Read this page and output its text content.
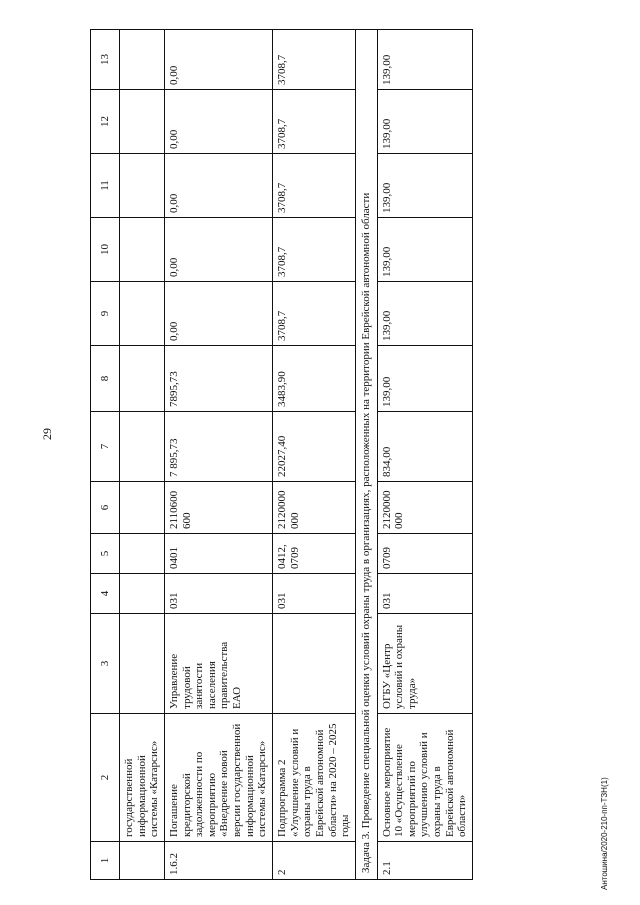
29
Антошина/2020-210-пп-ТЗН(1)
1	2	3	4	5	6	7	8	9	10	11	12	13
	государственной информационной системы «Катарсис»											
1.6.2	Погашение кредиторской задолженности по мероприятию «Внедрение новой версии государственной информационной системы «Катарсис»	Управление трудовой занятости населения правительства ЕАО	031	0401	2110600 600	7 895,73	7895,73	0,00	0,00	0,00	0,00	0,00
2	Подпрограмма 2 «Улучшение условий и охраны труда в Еврейской автономной области» на 2020 – 2025 годы		031	0412, 0709	2120000 000	22027,40	3483,90	3708,7	3708,7	3708,7	3708,7	3708,7
Задача 3. Проведение специальной оценки условий охраны труда в организациях, расположенных на территории Еврейской автономной области												
2.1	Основное мероприятие 10 «Осуществление мероприятий по улучшению условий и охраны труда в Еврейской автономной области»	ОГБУ «Центр условий и охраны труда»	031	0709	2120000 000	834,00	139,00	139,00	139,00	139,00	139,00	139,00
